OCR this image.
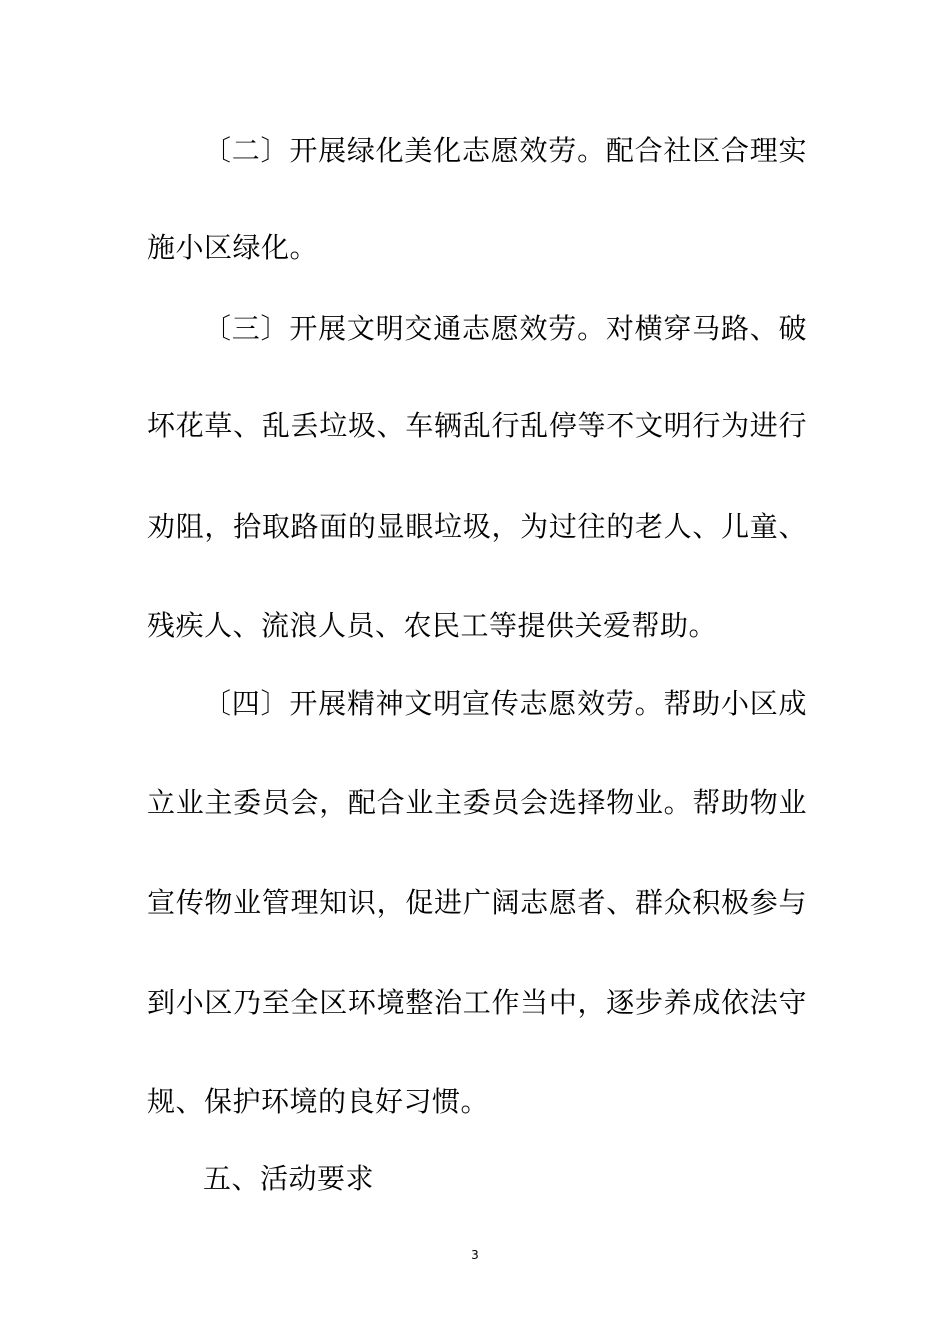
〔二〕开展绿化美化志愿效劳。配合社区合理实
施小区绿化。
〔三〕开展文明交通志愿效劳。对横穿马路、破
坏花草、乱丢垃圾、车辆乱行乱停等不文明行为进行
劝阻，拾取路面的显眼垃圾，为过往的老人、儿童、
残疾人、流浪人员、农民工等提供关爱帮助。
〔四〕开展精神文明宣传志愿效劳。帮助小区成
立业主委员会，配合业主委员会选择物业。帮助物业
宣传物业管理知识，促进广阔志愿者、群众积极参与
到小区乃至全区环境整治工作当中，逐步养成依法守
规、保护环境的良好习惯。
五、活动要求
3
